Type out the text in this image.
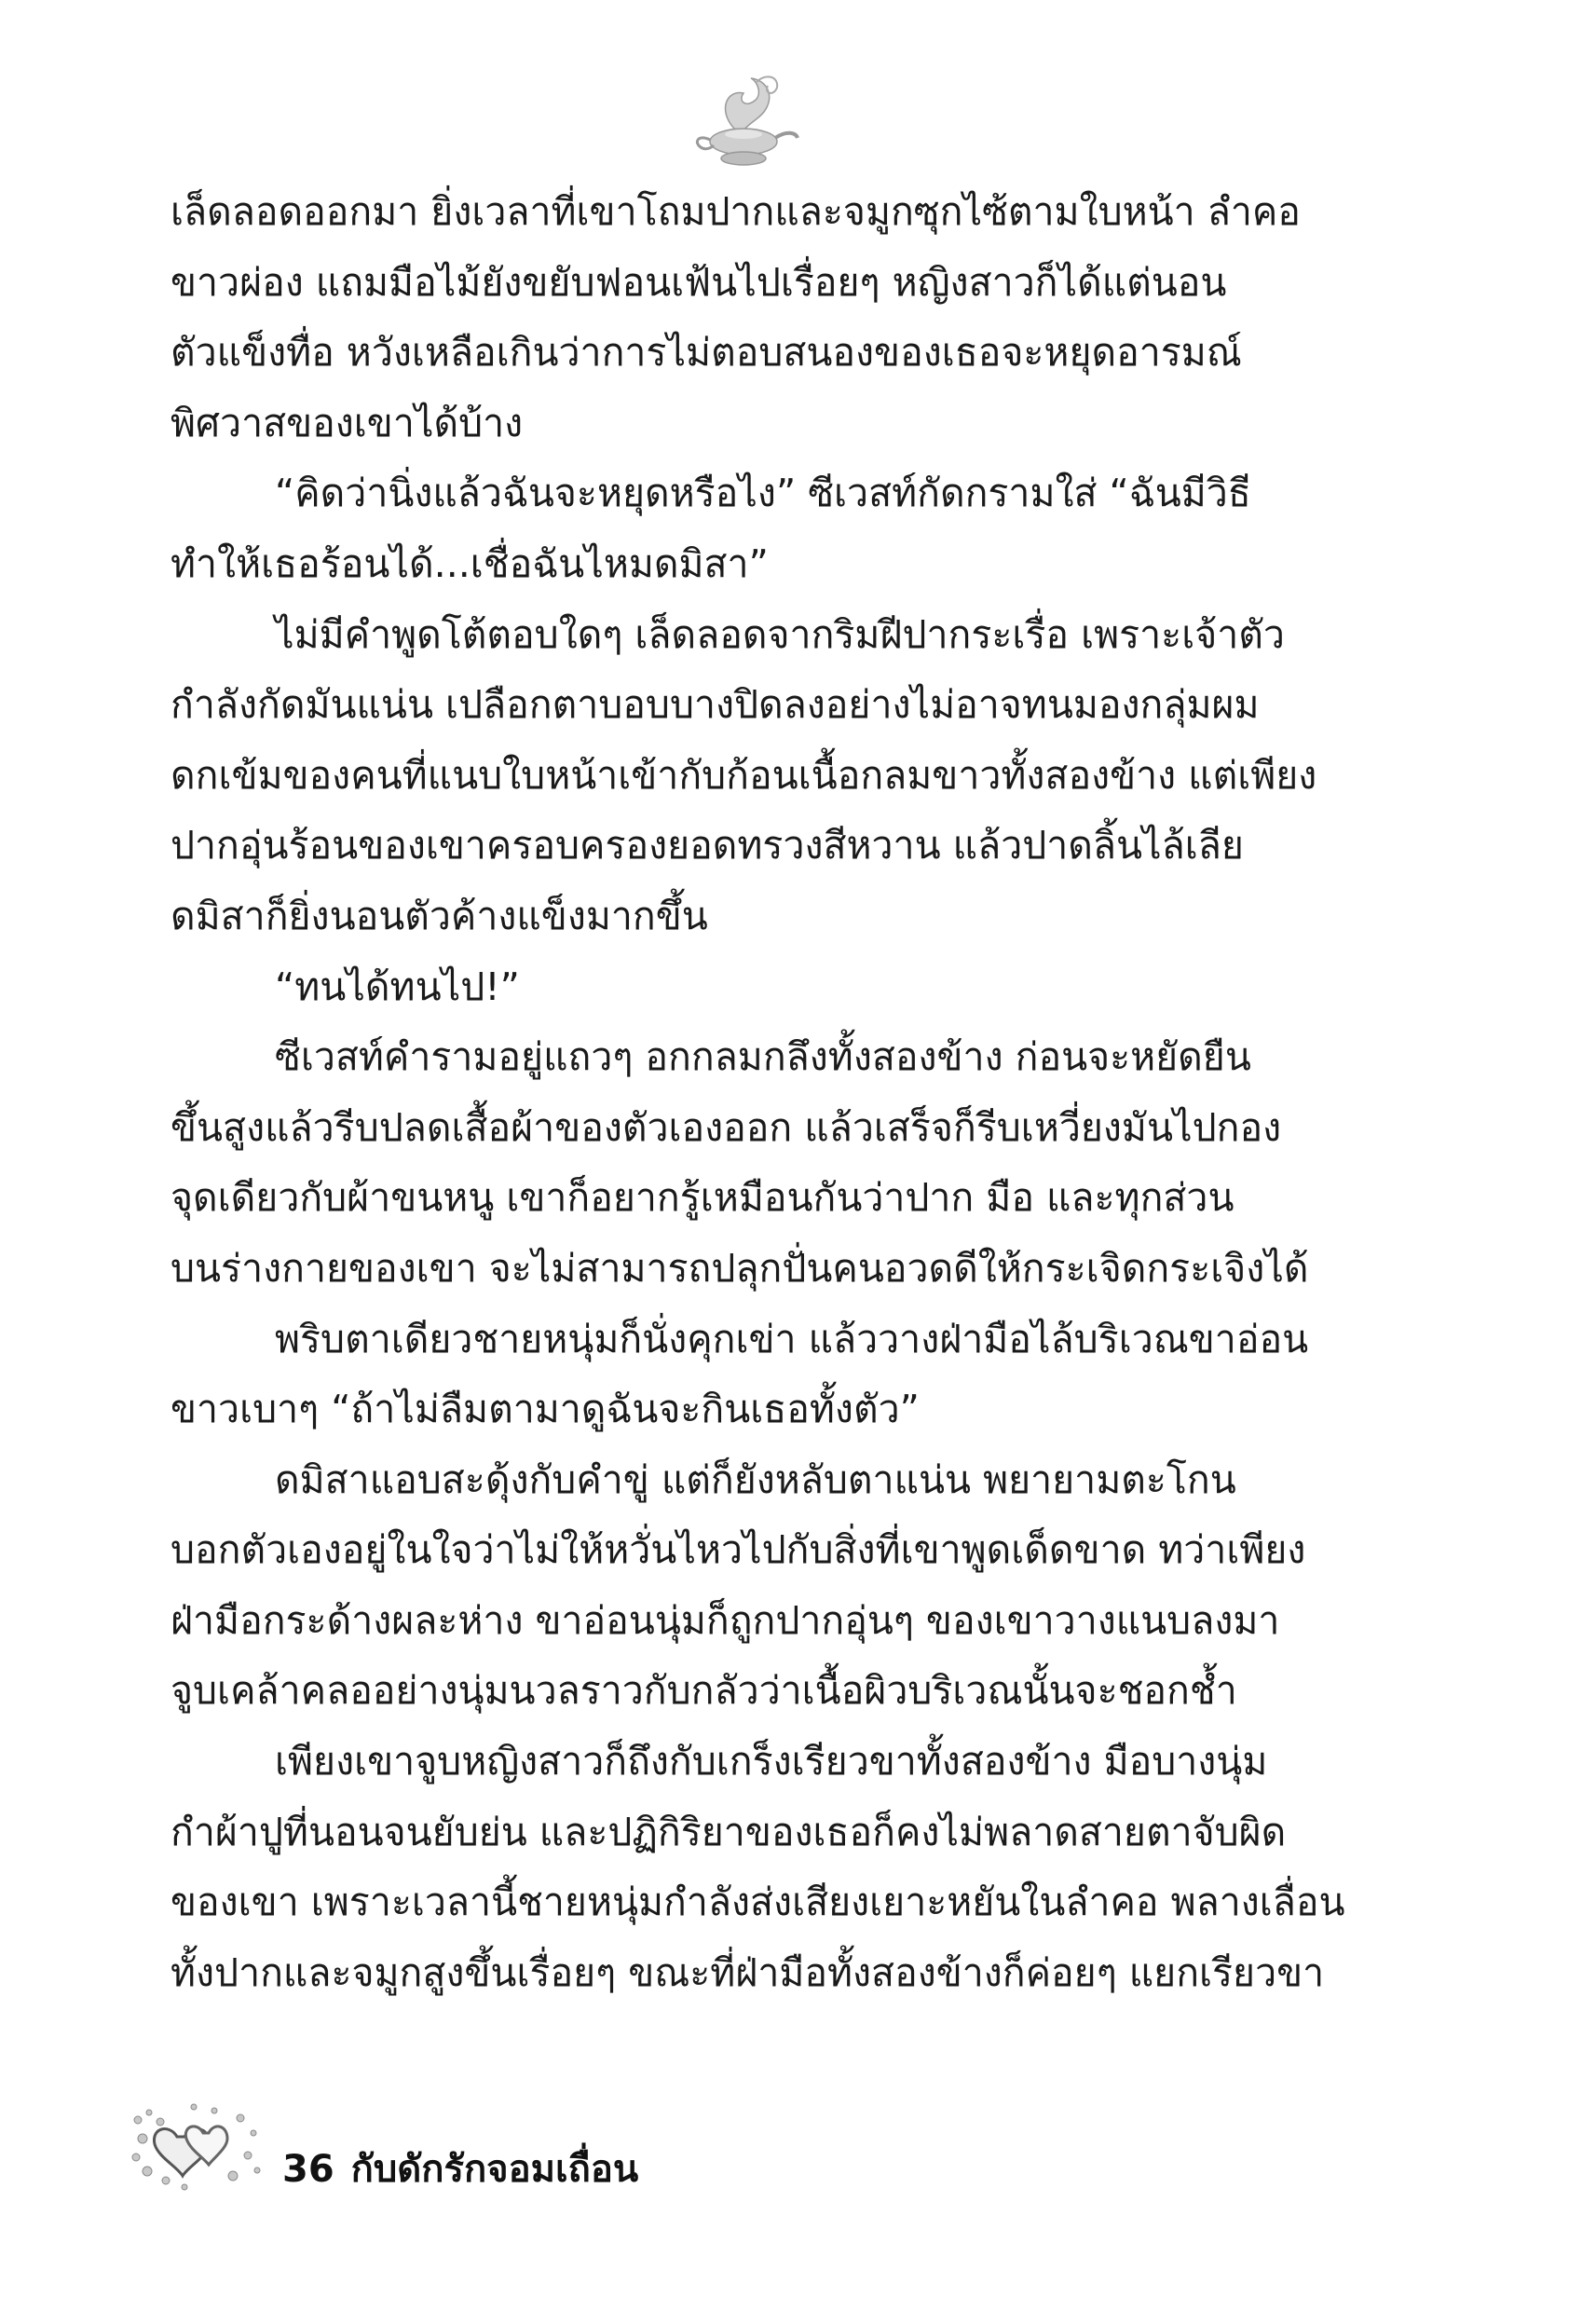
เล็ดลอดออกมา ยิ่งเวลาที่เขาโถมปากและจมูกซุกไซ้ตามใบหน้า ลำคอ
ขาวผ่อง แถมมือไม้ยังขยับฟอนเฟ้นไปเรื่อยๆ หญิงสาวก็ได้แต่นอน
ตัวแข็งทื่อ หวังเหลือเกินว่าการไม่ตอบสนองของเธอจะหยุดอารมณ์
พิศวาสของเขาได้บ้าง
“คิดว่านิ่งแล้วฉันจะหยุดหรือไง” ซีเวสท์กัดกรามใส่ “ฉันมีวิธี
ทำให้เธอร้อนได้...เชื่อฉันไหมดมิสา”
ไม่มีคำพูดโต้ตอบใดๆ เล็ดลอดจากริมฝีปากระเรื่อ เพราะเจ้าตัว
กำลังกัดมันแน่น เปลือกตาบอบบางปิดลงอย่างไม่อาจทนมองกลุ่มผม
ดกเข้มของคนที่แนบใบหน้าเข้ากับก้อนเนื้อกลมขาวทั้งสองข้าง แต่เพียง
ปากอุ่นร้อนของเขาครอบครองยอดทรวงสีหวาน แล้วปาดลิ้นไล้เลีย
ดมิสาก็ยิ่งนอนตัวค้างแข็งมากขึ้น
“ทนได้ทนไป!”
ซีเวสท์คำรามอยู่แถวๆ อกกลมกลึงทั้งสองข้าง ก่อนจะหยัดยืน
ขึ้นสูงแล้วรีบปลดเสื้อผ้าของตัวเองออก แล้วเสร็จก็รีบเหวี่ยงมันไปกอง
จุดเดียวกับผ้าขนหนู เขาก็อยากรู้เหมือนกันว่าปาก มือ และทุกส่วน
บนร่างกายของเขา จะไม่สามารถปลุกปั่นคนอวดดีให้กระเจิดกระเจิงได้
พริบตาเดียวชายหนุ่มก็นั่งคุกเข่า แล้ววางฝ่ามือไล้บริเวณขาอ่อน
ขาวเบาๆ “ถ้าไม่ลืมตามาดูฉันจะกินเธอทั้งตัว”
ดมิสาแอบสะดุ้งกับคำขู่ แต่ก็ยังหลับตาแน่น พยายามตะโกน
บอกตัวเองอยู่ในใจว่าไม่ให้หวั่นไหวไปกับสิ่งที่เขาพูดเด็ดขาด ทว่าเพียง
ฝ่ามือกระด้างผละห่าง ขาอ่อนนุ่มก็ถูกปากอุ่นๆ ของเขาวางแนบลงมา
จูบเคล้าคลออย่างนุ่มนวลราวกับกลัวว่าเนื้อผิวบริเวณนั้นจะชอกช้ำ
เพียงเขาจูบหญิงสาวก็ถึงกับเกร็งเรียวขาทั้งสองข้าง มือบางนุ่ม
กำผ้าปูที่นอนจนยับย่น และปฏิกิริยาของเธอก็คงไม่พลาดสายตาจับผิด
ของเขา เพราะเวลานี้ชายหนุ่มกำลังส่งเสียงเยาะหยันในลำคอ พลางเลื่อน
ทั้งปากและจมูกสูงขึ้นเรื่อยๆ ขณะที่ฝ่ามือทั้งสองข้างก็ค่อยๆ แยกเรียวขา
36 กับดักรักจอมเถื่อน
